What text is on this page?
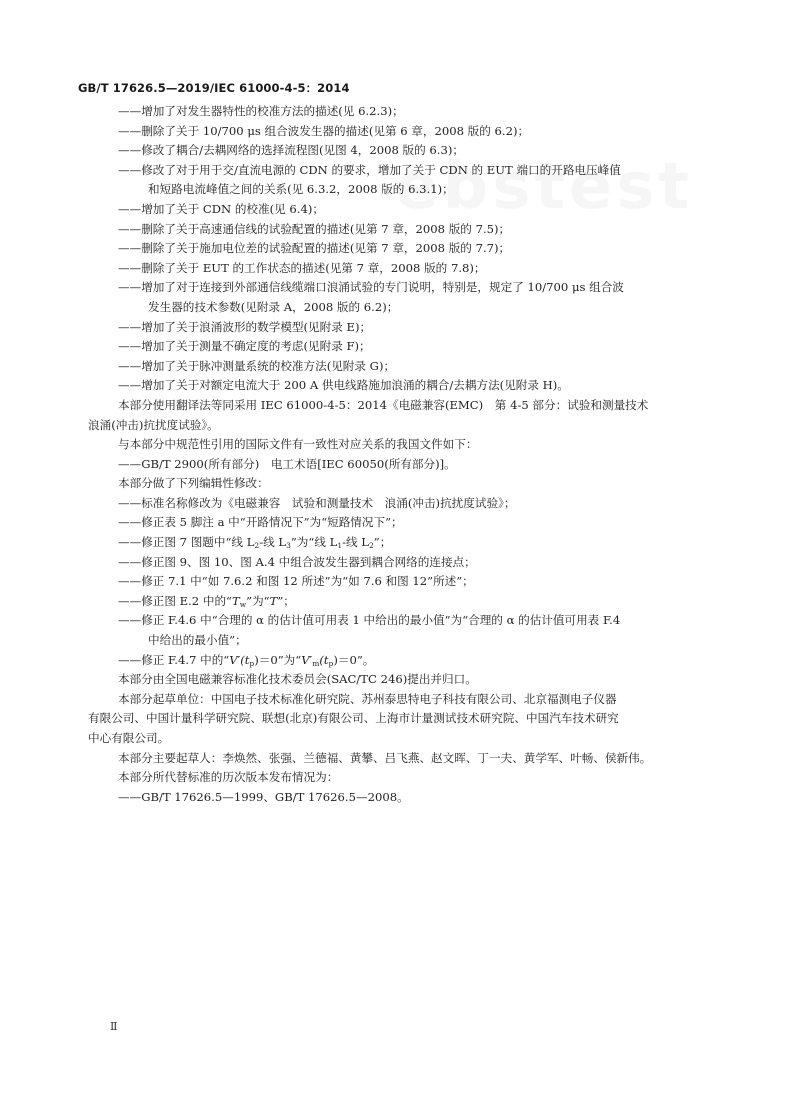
GB/T 17626.5—2019/IEC 61000-4-5：2014
——增加了对发生器特性的校准方法的描述(见 6.2.3)；
——删除了关于 10/700 μs 组合波发生器的描述(见第 6 章，2008 版的 6.2)；
——修改了耦合/去耦网络的选择流程图(见图 4，2008 版的 6.3)；
——修改了对于用于交/直流电源的 CDN 的要求，增加了关于 CDN 的 EUT 端口的开路电压峰值
和短路电流峰值之间的关系(见 6.3.2，2008 版的 6.3.1)；
——增加了关于 CDN 的校准(见 6.4)；
——删除了关于高速通信线的试验配置的描述(见第 7 章，2008 版的 7.5)；
——删除了关于施加电位差的试验配置的描述(见第 7 章，2008 版的 7.7)；
——删除了关于 EUT 的工作状态的描述(见第 7 章，2008 版的 7.8)；
——增加了对于连接到外部通信线缆端口浪涌试验的专门说明，特别是，规定了 10/700 μs 组合波
发生器的技术参数(见附录 A，2008 版的 6.2)；
——增加了关于浪涌波形的数学模型(见附录 E)；
——增加了关于测量不确定度的考虑(见附录 F)；
——增加了关于脉冲测量系统的校准方法(见附录 G)；
——增加了关于对额定电流大于 200 A 供电线路施加浪涌的耦合/去耦方法(见附录 H)。
本部分使用翻译法等同采用 IEC 61000-4-5：2014《电磁兼容(EMC)　第 4-5 部分：试验和测量技术
浪涌(冲击)抗扰度试验》。
与本部分中规范性引用的国际文件有一致性对应关系的我国文件如下：
——GB/T 2900(所有部分)　电工术语[IEC 60050(所有部分)]。
本部分做了下列编辑性修改：
——标准名称修改为《电磁兼容　试验和测量技术　浪涌(冲击)抗扰度试验》；
——修正表 5 脚注 a 中“开路情况下”为“短路情况下”；
——修正图 7 图题中“线 $L_2-$线 $L_3$”为“线 $L_1-$线 $L_2$”；
——修正图 9、图 10、图 A.4 中组合波发生器到耦合网络的连接点；
——修正 7.1 中“如 7.6.2 和图 12 所述”为“如 7.6 和图 12”所述”；
——修正图 E.2 中的“$T_w$”为“T”；
——修正 F.4.6 中“合理的 α 的估计值可用表 1 中给出的最小值”为“合理的 α 的估计值可用表 F.4
中给出的最小值”；
——修正 F.4.7 中的“$V'(t_p)=0$”为“$V'_m(t_p)=0$”。
本部分由全国电磁兼容标准化技术委员会(SAC/TC 246)提出并归口。
本部分起草单位：中国电子技术标准化研究院、苏州泰思特电子科技有限公司、北京福测电子仪器
有限公司、中国计量科学研究院、联想(北京)有限公司、上海市计量测试技术研究院、中国汽车技术研究
中心有限公司。
本部分主要起草人：李焕然、张强、兰德福、黄攀、吕飞燕、赵文晖、丁一夫、黄学军、叶畅、侯新伟。
本部分所代替标准的历次版本发布情况为：
——GB/T 17626.5—1999、GB/T 17626.5—2008。
Ⅱ
